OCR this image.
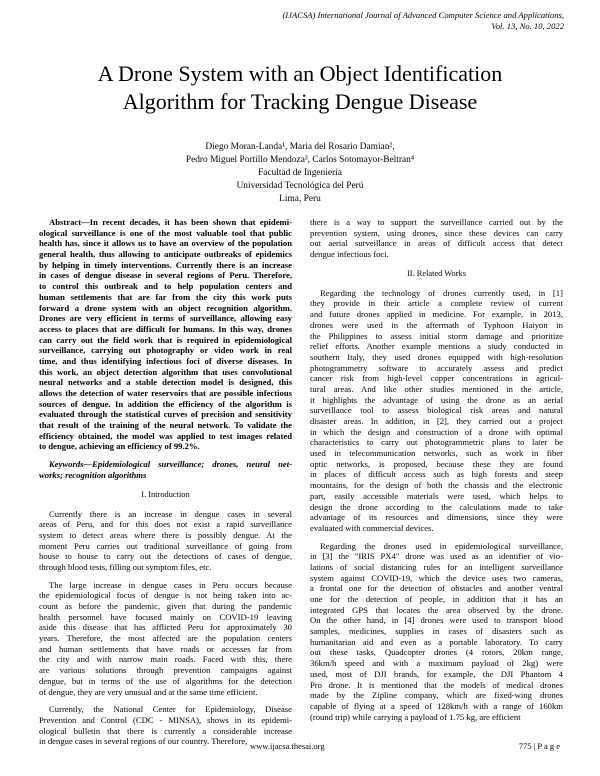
(IJACSA) International Journal of Advanced Computer Science and Applications,
Vol. 13, No. 10, 2022
A Drone System with an Object Identification
Algorithm for Tracking Dengue Disease
Diego Moran-Landa¹, Maria del Rosario Damian²,
Pedro Miguel Portillo Mendoza³, Carlos Sotomayor-Beltran⁴
Facultad de Ingeniería
Universidad Tecnológica del Perú
Lima, Peru
Abstract—In recent decades, it has been shown that epidemi-
ological surveillance is one of the most valuable tool that public
health has, since it allows us to have an overview of the population
general health, thus allowing to anticipate outbreaks of epidemics
by helping in timely interventions. Currently there is an increase
in cases of dengue disease in several regions of Peru. Therefore,
to control this outbreak and to help population centers and
human settlements that are far from the city this work puts
forward a drone system with an object recognition algorithm.
Drones are very efficient in terms of surveillance, allowing easy
access to places that are difficult for humans. In this way, drones
can carry out the field work that is required in epidemiological
surveillance, carrying out photography or video work in real
time, and thus identifying infectious foci of diverse diseases. In
this work, an object detection algorithm that uses convolutional
neural networks and a stable detection model is designed, this
allows the detection of water reservoirs that are possible infectious
sources of dengue. In addition the efficiency of the algorithm is
evaluated through the statistical curves of precision and sensitivity
that result of the training of the neural network. To validate the
efficiency obtained, the model was applied to test images related
to dengue, achieving an efficiency of 99.2%.
Keywords—Epidemiological surveillance; drones, neural net-
works; recognition algorithms
I. Introduction
Currently there is an increase in dengue cases in several
areas of Peru, and for this does not exist a rapid surveillance
system to detect areas where there is possibly dengue. At the
moment Peru carries out traditional surveillance of going from
house to house to carry out the detections of cases of dengue,
through blood tests, filling out symptom files, etc.
The large increase in dengue cases in Peru occurs because
the epidemiological focus of dengue is not being taken into ac-
count as before the pandemic, given that during the pandemic
health personnel have focused mainly on COVID-19 leaving
aside this disease that has afflicted Peru for approximately 30
years. Therefore, the most affected are the population centers
and human settlements that have roads or accesses far from
the city and with narrow main roads. Faced with this, there
are various solutions through prevention campaigns against
dengue, but in terms of the use of algorithms for the detection
of dengue, they are very unusual and at the same time efficient.
Currently, the National Center for Epidemiology, Disease
Prevention and Control (CDC - MINSA), shows in its epidemi-
ological bulletin that there is currently a considerable increase
in dengue cases in several regions of our country. Therefore,
there is a way to support the surveillance carried out by the
prevention system, using drones, since these devices can carry
out aerial surveillance in areas of difficult access that detect
dengue infectious foci.
II. Related Works
Regarding the technology of drones currently used, in [1]
they provide in their article a complete review of current
and future drones applied in medicine. For example, in 2013,
drones were used in the aftermath of Typhoon Haiyon in
the Philippines to assess initial storm damage and prioritize
relief efforts. Another example mentions a study conducted in
southern Italy, they used drones equipped with high-resolution
photogrammetry software to accurately assess and predict
cancer risk from high-level copper concentrations in agricul-
tural areas. And like other studies mentioned in the article,
it highlights the advantage of using the drone as an aerial
surveillance tool to assess biological risk areas and natural
disaster areas. In addition, in [2], they carried out a project
in which the design and construction of a drone with optimal
characteristics to carry out photogrammetric plans to later be
used in telecommunication networks, such as work in fiber
optic networks, is proposed, because these they are found
in places of difficult access such as high forests and steep
mountains, for the design of both the chassis and the electronic
part, easily accessible materials were used, which helps to
design the drone according to the calculations made to take
advantage of its resources and dimensions, since they were
evaluated with commercial devices.
Regarding the drones used in epidemiological surveillance,
in [3] the "IRIS PX4" drone was used as an identifier of vio-
lations of social distancing rules for an intelligent surveillance
system against COVID-19, which the device uses two cameras,
a frontal one for the detection of obstacles and another ventral
one for the detection of people, in addition that it has an
integrated GPS that locates the area observed by the drone.
On the other hand, in [4] drones were used to transport blood
samples, medicines, supplies in cases of disasters such as
humanitarian aid and even as a portable laboratory. To carry
out these tasks, Quadcopter drones (4 rotors, 20km range,
36km/h speed and with a maximum payload of 2kg) were
used, most of DJI brands, for example, the DJI Phantom 4
Pro drone. It is mentioned that the models of medical drones
made by the Zipline company, which are fixed-wing drones
capable of flying at a speed of 128km/h with a range of 160km
(round trip) while carrying a payload of 1.75 kg, are efficient
www.ijacsa.thesai.org	775 | P a g e
